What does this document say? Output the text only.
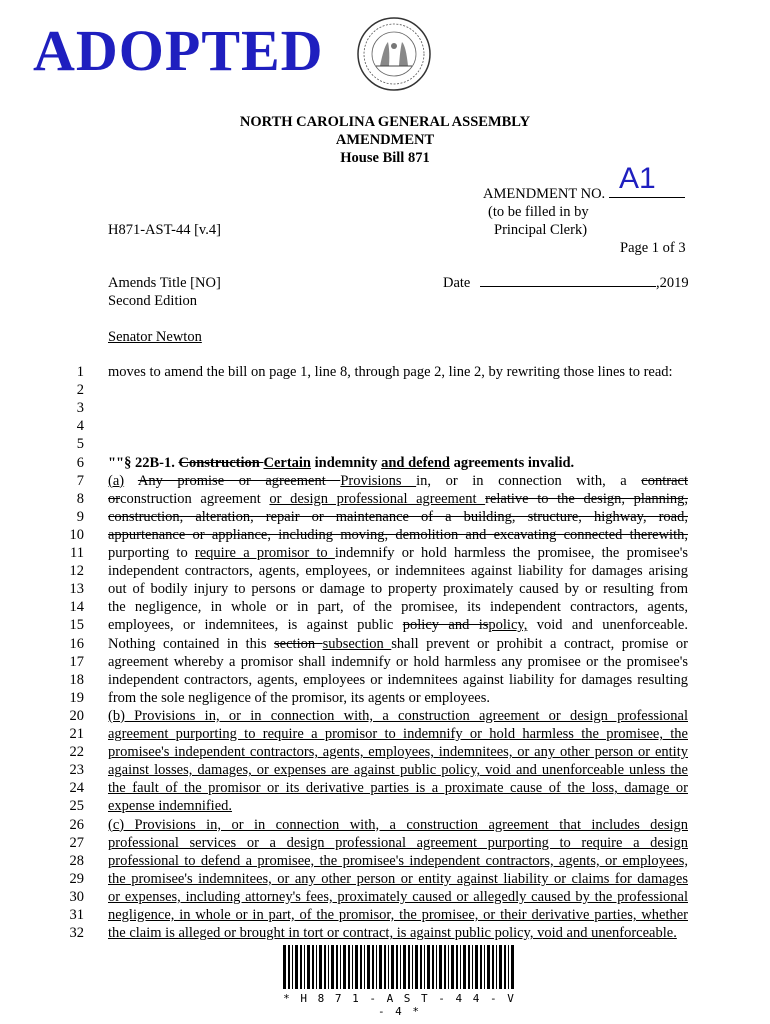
ADOPTED
NORTH CAROLINA GENERAL ASSEMBLY
AMENDMENT
House Bill 871
AMENDMENT NO. A1
(to be filled in by
Principal Clerk)
H871-AST-44 [v.4]
Page 1 of 3
Amends Title [NO]
Second Edition
Date	,2019
Senator Newton
1
2
3
4
5
6
7
8
9
10
11
12
13
14
15
16
17
18
19
20
21
22
23
24
25
26
27
28
29
30
31
32
moves to amend the bill on page 1, line 8, through page 2, line 2, by rewriting those lines to read:
""§ 22B-1. Construction Certain indemnity and defend agreements invalid.
(a) Any promise or agreement Provisions in, or in connection with, a contract
orconstruction agreement or design professional agreement relative to the design, planning,
construction, alteration, repair or maintenance of a building, structure, highway, road,
appurtenance or appliance, including moving, demolition and excavating connected therewith,
purporting to require a promisor to indemnify or hold harmless the promisee, the promisee's
independent contractors, agents, employees, or indemnitees against liability for damages arising
out of bodily injury to persons or damage to property proximately caused by or resulting from
the negligence, in whole or in part, of the promisee, its independent contractors, agents,
employees, or indemnitees, is against public policy and ispolicy, void and unenforceable.
Nothing contained in this section subsection shall prevent or prohibit a contract, promise or
agreement whereby a promisor shall indemnify or hold harmless any promisee or the promisee's
independent contractors, agents, employees or indemnitees against liability for damages resulting
from the sole negligence of the promisor, its agents or employees.
(b) Provisions in, or in connection with, a construction agreement or design professional
agreement purporting to require a promisor to indemnify or hold harmless the promisee, the
promisee's independent contractors, agents, employees, indemnitees, or any other person or entity
against losses, damages, or expenses are against public policy, void and unenforceable unless the
the fault of the promisor or its derivative parties is a proximate cause of the loss, damage or
expense indemnified.
(c) Provisions in, or in connection with, a construction agreement that includes design
professional services or a design professional agreement purporting to require a design
professional to defend a promisee, the promisee's independent contractors, agents, or employees,
the promisee's indemnitees, or any other person or entity against liability or claims for damages
or expenses, including attorney's fees, proximately caused or allegedly caused by the professional
negligence, in whole or in part, of the promisor, the promisee, or their derivative parties, whether
the claim is alleged or brought in tort or contract, is against public policy, void and unenforceable.
* H 8 7 1 - A S T - 4 4 - V - 4 *
